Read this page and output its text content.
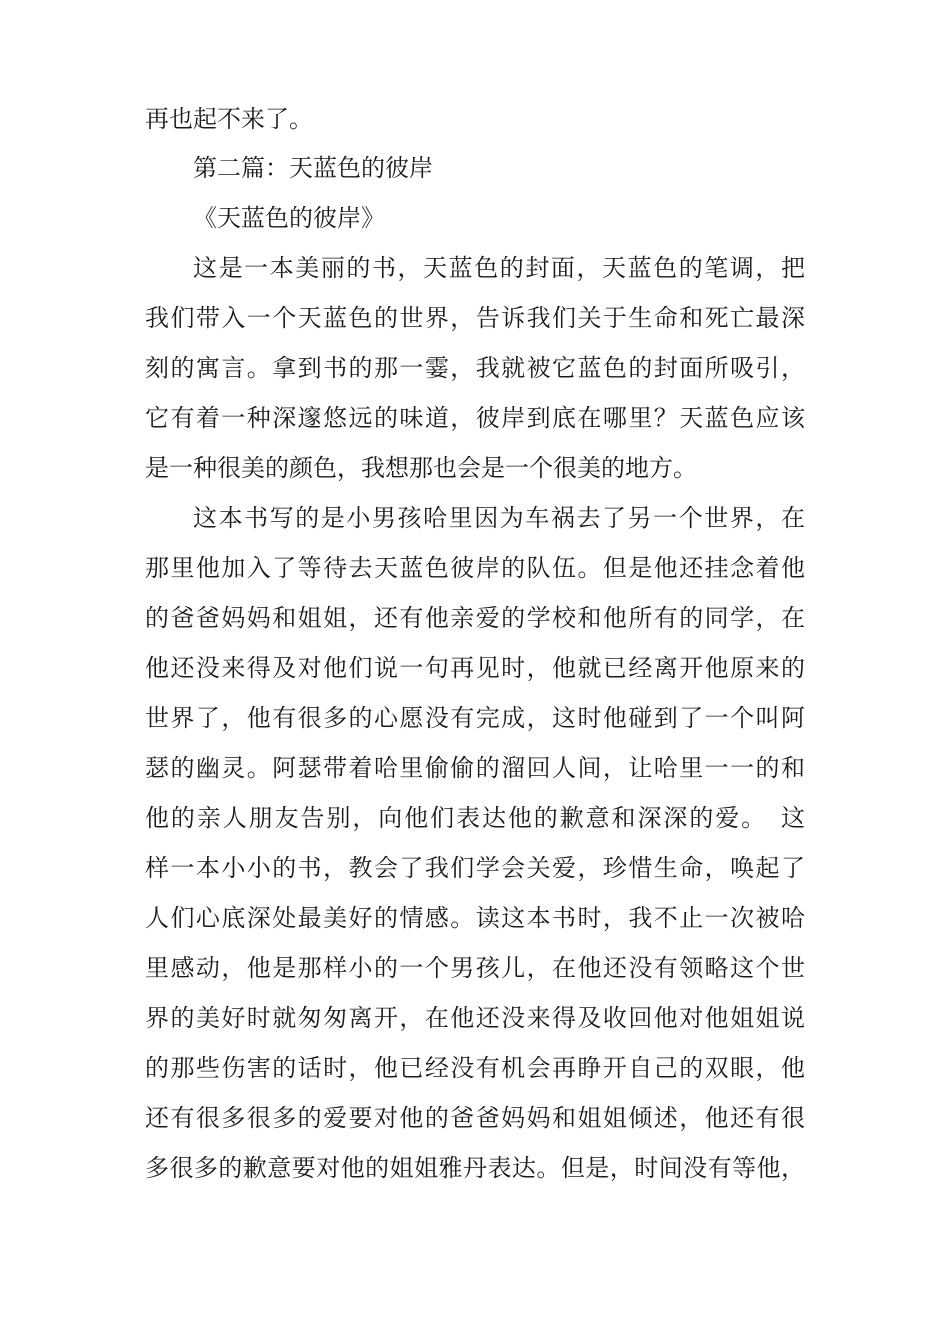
再也起不来了。
第二篇：天蓝色的彼岸
《天蓝色的彼岸》
这是一本美丽的书，天蓝色的封面，天蓝色的笔调，把
我们带入一个天蓝色的世界，告诉我们关于生命和死亡最深
刻的寓言。拿到书的那一霎，我就被它蓝色的封面所吸引，
它有着一种深邃悠远的味道，彼岸到底在哪里？天蓝色应该
是一种很美的颜色，我想那也会是一个很美的地方。
这本书写的是小男孩哈里因为车祸去了另一个世界，在
那里他加入了等待去天蓝色彼岸的队伍。但是他还挂念着他
的爸爸妈妈和姐姐，还有他亲爱的学校和他所有的同学，在
他还没来得及对他们说一句再见时，他就已经离开他原来的
世界了，他有很多的心愿没有完成，这时他碰到了一个叫阿
瑟的幽灵。阿瑟带着哈里偷偷的溜回人间，让哈里一一的和
他的亲人朋友告别，向他们表达他的歉意和深深的爱。　这
样一本小小的书，教会了我们学会关爱，珍惜生命，唤起了
人们心底深处最美好的情感。读这本书时，我不止一次被哈
里感动，他是那样小的一个男孩儿，在他还没有领略这个世
界的美好时就匆匆离开，在他还没来得及收回他对他姐姐说
的那些伤害的话时，他已经没有机会再睁开自己的双眼，他
还有很多很多的爱要对他的爸爸妈妈和姐姐倾述，他还有很
多很多的歉意要对他的姐姐雅丹表达。但是，时间没有等他，
